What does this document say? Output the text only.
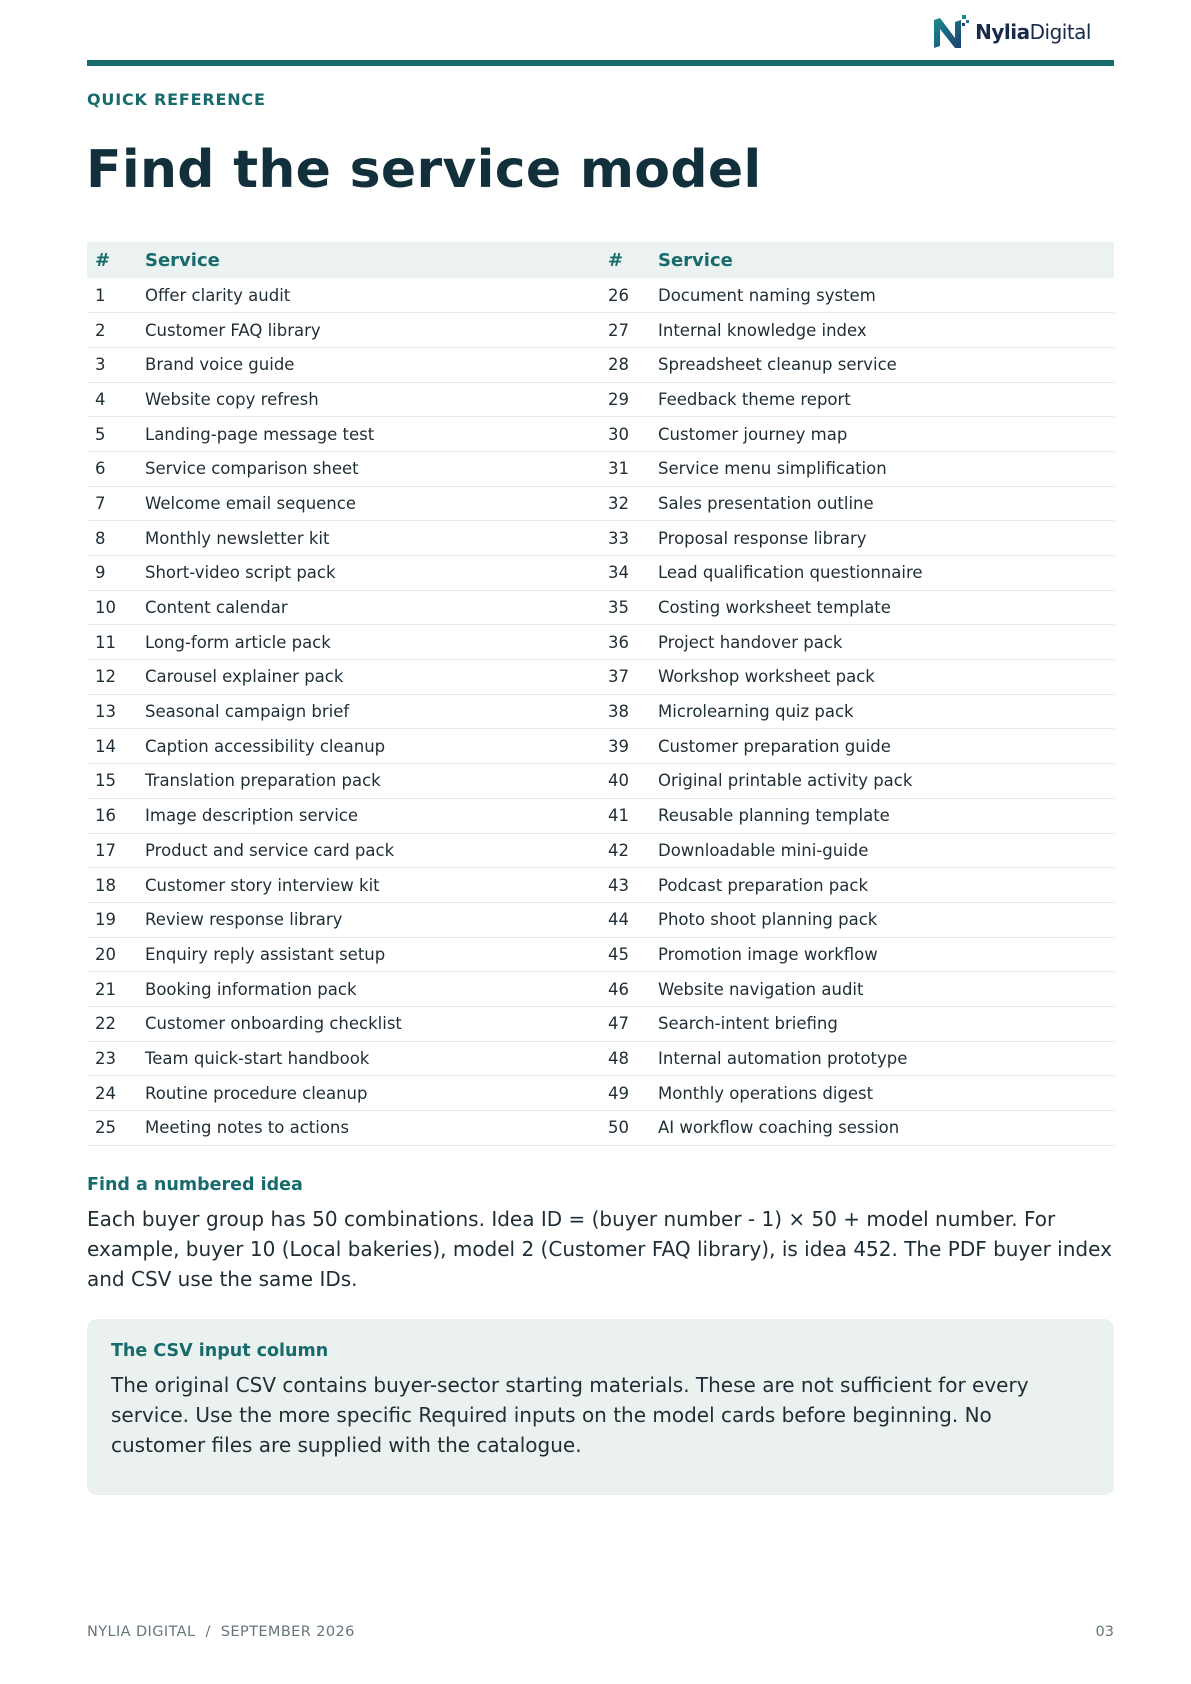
NyliaDigital
QUICK REFERENCE
Find the service model
#	Service	#	Service
1	Offer clarity audit	26	Document naming system
2	Customer FAQ library	27	Internal knowledge index
3	Brand voice guide	28	Spreadsheet cleanup service
4	Website copy refresh	29	Feedback theme report
5	Landing-page message test	30	Customer journey map
6	Service comparison sheet	31	Service menu simplification
7	Welcome email sequence	32	Sales presentation outline
8	Monthly newsletter kit	33	Proposal response library
9	Short-video script pack	34	Lead qualification questionnaire
10	Content calendar	35	Costing worksheet template
11	Long-form article pack	36	Project handover pack
12	Carousel explainer pack	37	Workshop worksheet pack
13	Seasonal campaign brief	38	Microlearning quiz pack
14	Caption accessibility cleanup	39	Customer preparation guide
15	Translation preparation pack	40	Original printable activity pack
16	Image description service	41	Reusable planning template
17	Product and service card pack	42	Downloadable mini-guide
18	Customer story interview kit	43	Podcast preparation pack
19	Review response library	44	Photo shoot planning pack
20	Enquiry reply assistant setup	45	Promotion image workflow
21	Booking information pack	46	Website navigation audit
22	Customer onboarding checklist	47	Search-intent briefing
23	Team quick-start handbook	48	Internal automation prototype
24	Routine procedure cleanup	49	Monthly operations digest
25	Meeting notes to actions	50	AI workflow coaching session
Find a numbered idea

Each buyer group has 50 combinations. Idea ID = (buyer number - 1) × 50 + model number. For example, buyer 10 (Local bakeries), model 2 (Customer FAQ library), is idea 452. The PDF buyer index and CSV use the same IDs.

The CSV input column

The original CSV contains buyer-sector starting materials. These are not sufficient for every service. Use the more specific Required inputs on the model cards before beginning. No customer files are supplied with the catalogue.

NYLIA DIGITAL  /  SEPTEMBER 2026	03
